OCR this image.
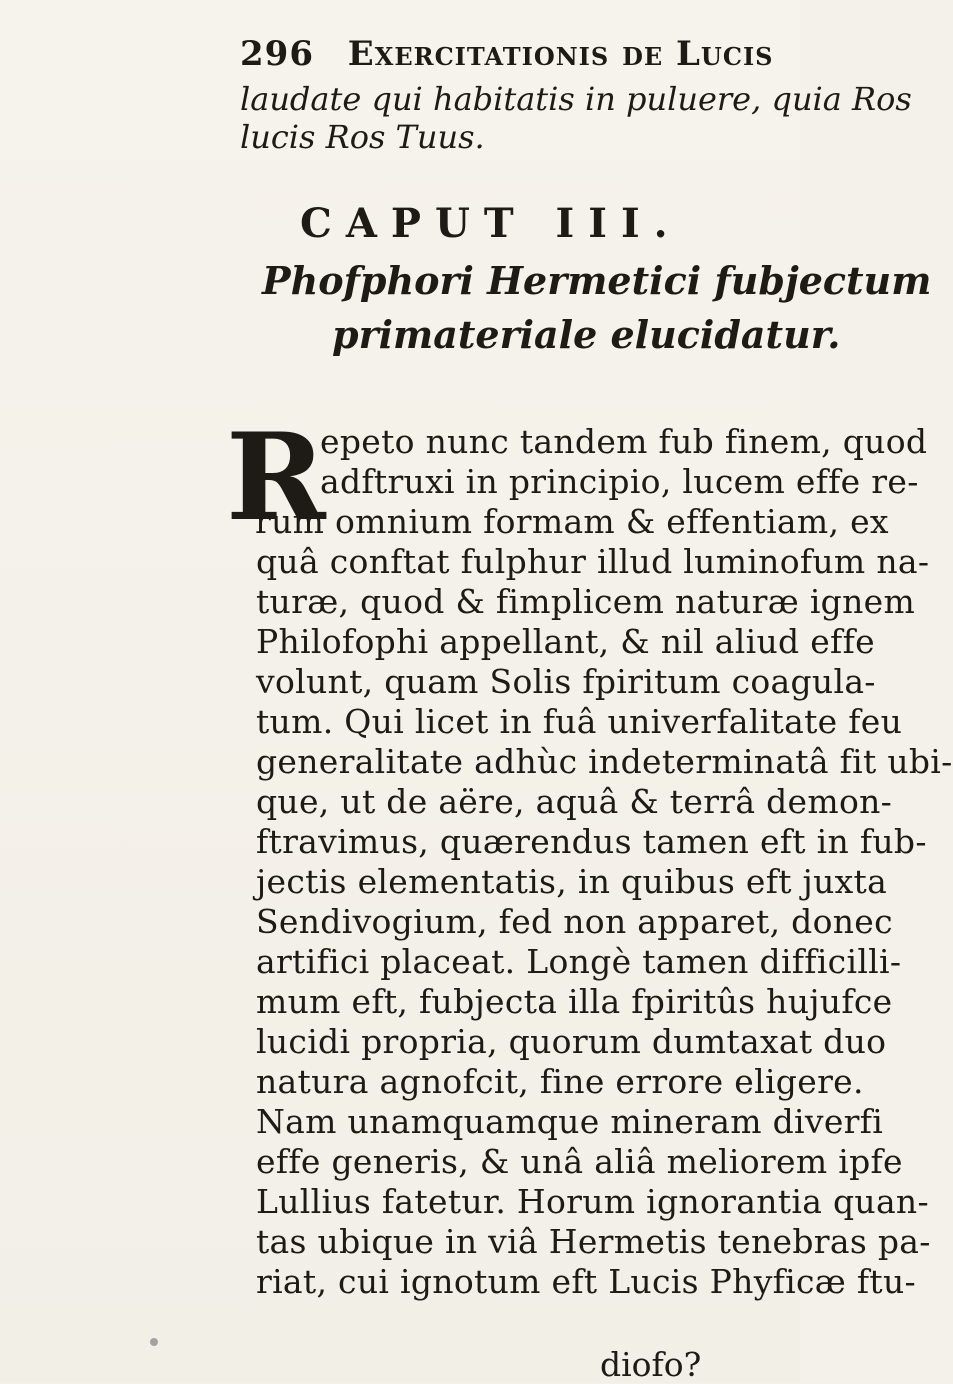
296 Exercitationis de Lucis
laudate qui habitatis in puluere, quia Ros
lucis Ros Tuus.
CAPUT III.
Phofphori Hermetici fubjectum
primateriale elucidatur.
R
epeto nunc tandem fub finem, quod
adftruxi in principio, lucem effe re-
rum omnium formam & effentiam, ex
quâ conftat fulphur illud luminofum na-
turæ, quod & fimplicem naturæ ignem
Philofophi appellant, & nil aliud effe
volunt, quam Solis fpiritum coagula-
tum. Qui licet in fuâ univerfalitate feu
generalitate adhùc indeterminatâ fit ubi-
que, ut de aëre, aquâ & terrâ demon-
ftravimus, quærendus tamen eft in fub-
jectis elementatis, in quibus eft juxta
Sendivogium, fed non apparet, donec
artifici placeat. Longè tamen difficilli-
mum eft, fubjecta illa fpiritûs hujufce
lucidi propria, quorum dumtaxat duo
natura agnofcit, fine errore eligere.
Nam unamquamque mineram diverfi
effe generis, & unâ aliâ meliorem ipfe
Lullius fatetur. Horum ignorantia quan-
tas ubique in viâ Hermetis tenebras pa-
riat, cui ignotum eft Lucis Phyficæ ftu-
diofo?
